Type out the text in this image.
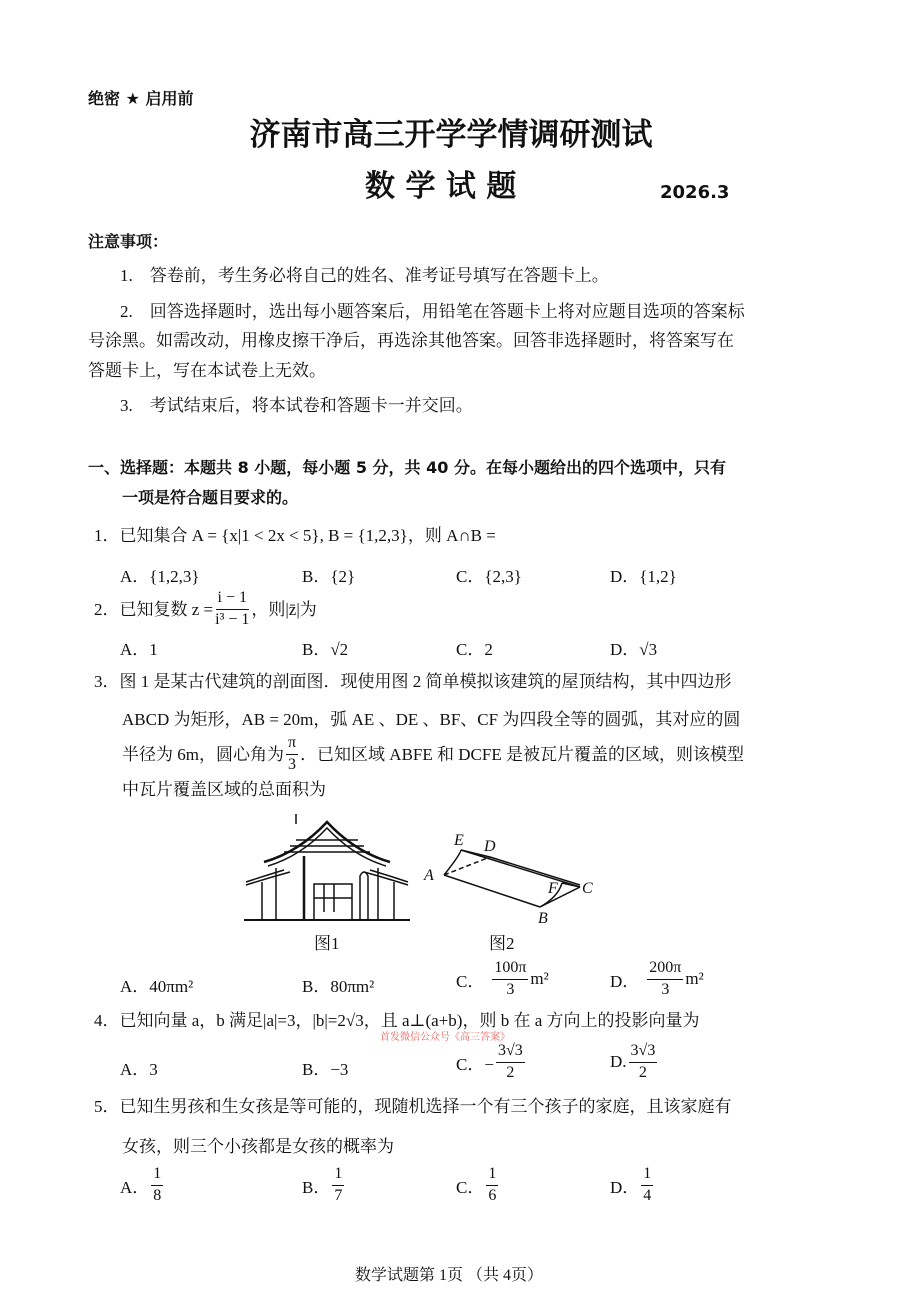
绝密 ★ 启用前
济南市高三开学学情调研测试
数 学 试 题	2026.3
注意事项：
1.　答卷前，考生务必将自己的姓名、准考证号填写在答题卡上。
2.　回答选择题时，选出每小题答案后，用铅笔在答题卡上将对应题目选项的答案标
号涂黑。如需改动，用橡皮擦干净后，再选涂其他答案。回答非选择题时，将答案写在
答题卡上，写在本试卷上无效。
3.　考试结束后，将本试卷和答题卡一并交回。
一、选择题：本题共 8 小题，每小题 5 分，共 40 分。在每小题给出的四个选项中，只有
一项是符合题目要求的。
1．已知集合 A = {x|1 < 2x < 5}, B = {1,2,3}，则 A∩B =
A．{1,2,3}	B．{2}	C．{2,3}	D．{1,2}
2．已知复数 $z = \frac{i - 1}{\text{i³ − 1}}$ ，则|z̄|为
A．1	B．√2	C．2	D．√3
3．图 1 是某古代建筑的剖面图．现使用图 2 简单模拟该建筑的屋顶结构，其中四边形
ABCD 为矩形，AB = 20m，弧 AE 、DE 、BF、CF 为四段全等的圆弧，其对应的圆
半径为 6m，圆心角为 $\frac{\pi}{3}$ ．已知区域 ABFE 和 DCFE 是被瓦片覆盖的区域，则该模型
中瓦片覆盖区域的总面积为
图1
E D
A
F C
B
图2
A．40πm²	B．80πm²	C． $\frac{100\pi}{3} m^2$	D． $\frac{200\pi}{3} m^2$
4．已知向量 a，b 满足|a|=3，|b|=2√3，且 a⊥(a+b)，则 b 在 a 方向上的投影向量为
首发微信公众号《高三答案》
A．3	B．−3	C．− $\frac{3√3}{2}$	D. $\frac{3√3}{2}$
5．已知生男孩和生女孩是等可能的，现随机选择一个有三个孩子的家庭，且该家庭有
女孩，则三个小孩都是女孩的概率为
A． $\frac{1}{8}$	B． $\frac{1}{7}$	C． $\frac{1}{6}$	D． $\frac{1}{4}$
数学试题第 1页 （共 4页）
